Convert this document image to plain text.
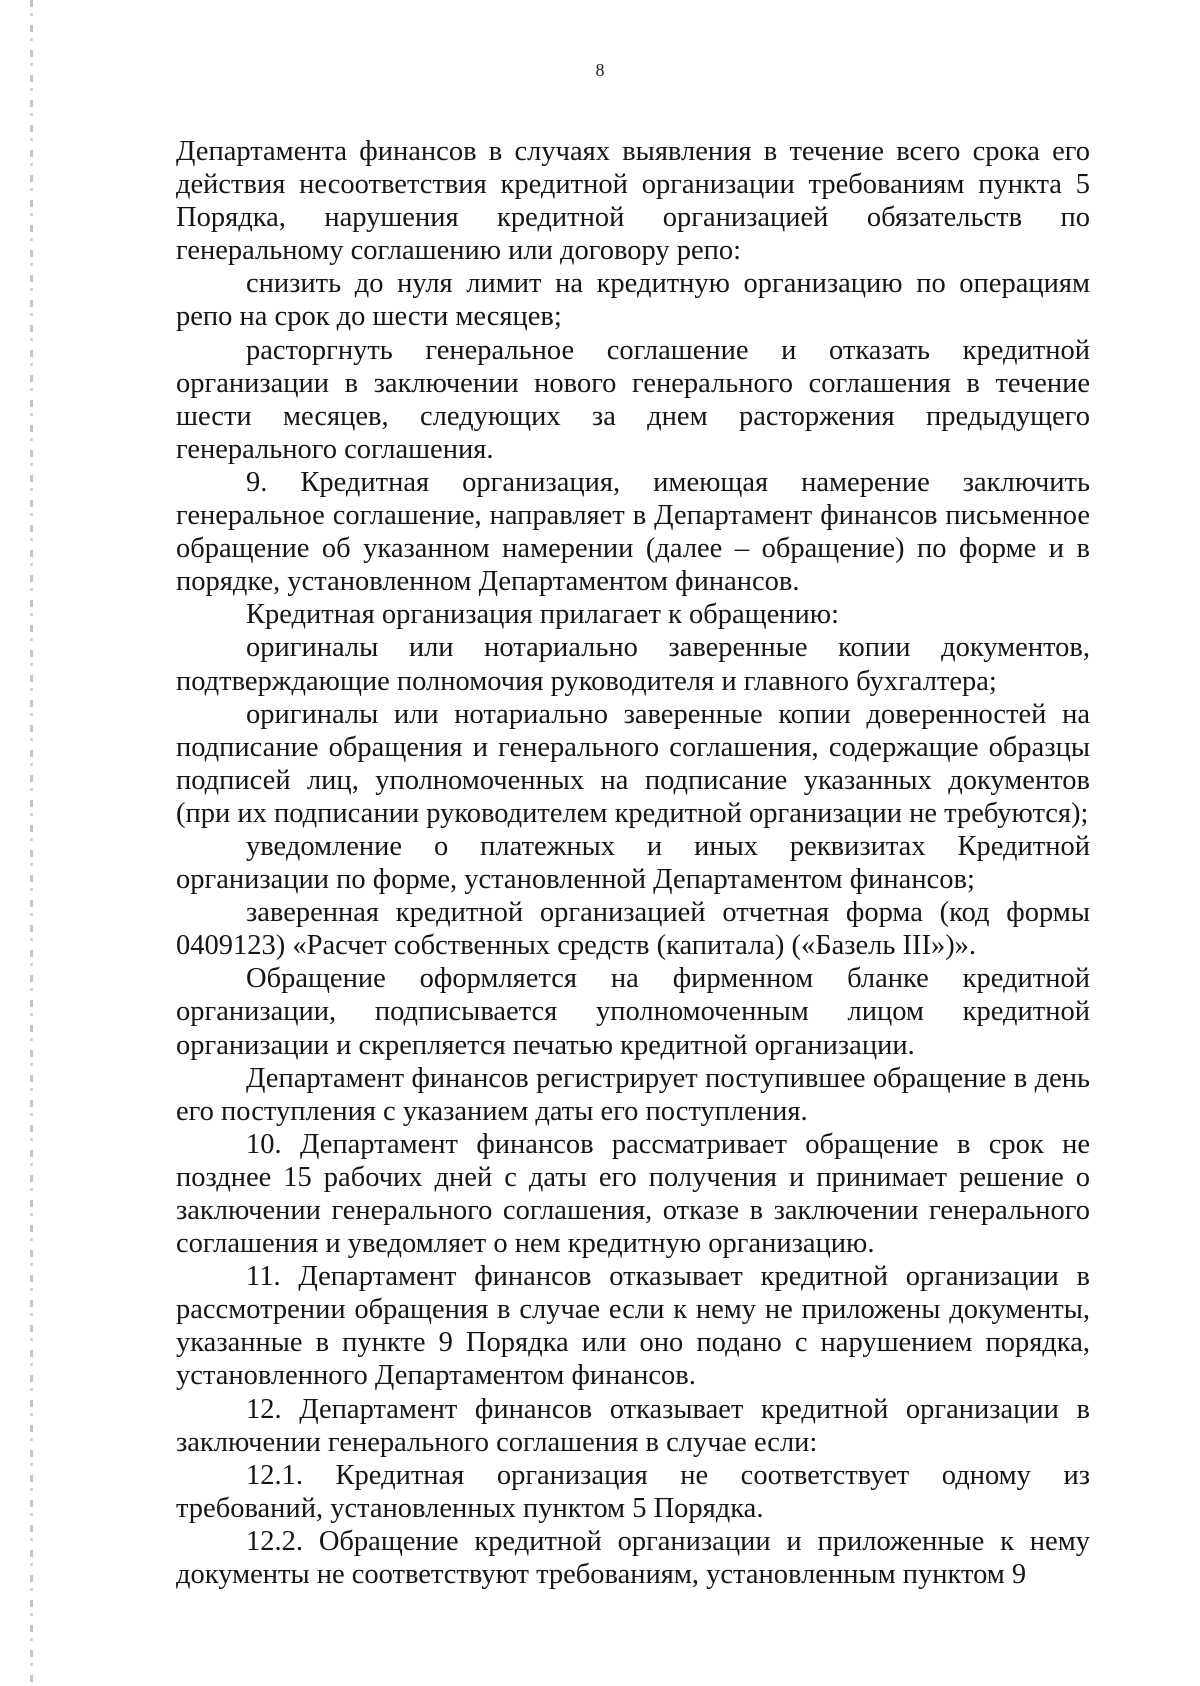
8

Департамента финансов в случаях выявления в течение всего срока его действия несоответствия кредитной организации требованиям пункта 5 Порядка, нарушения кредитной организацией обязательств по генеральному соглашению или договору репо:

снизить до нуля лимит на кредитную организацию по операциям репо на срок до шести месяцев;

расторгнуть генеральное соглашение и отказать кредитной организации в заключении нового генерального соглашения в течение шести месяцев, следующих за днем расторжения предыдущего генерального соглашения.

9. Кредитная организация, имеющая намерение заключить генеральное соглашение, направляет в Департамент финансов письменное обращение об указанном намерении (далее – обращение) по форме и в порядке, установленном Департаментом финансов.

Кредитная организация прилагает к обращению:

оригиналы или нотариально заверенные копии документов, подтверждающие полномочия руководителя и главного бухгалтера;

оригиналы или нотариально заверенные копии доверенностей на подписание обращения и генерального соглашения, содержащие образцы подписей лиц, уполномоченных на подписание указанных документов (при их подписании руководителем кредитной организации не требуются);

уведомление о платежных и иных реквизитах Кредитной организации по форме, установленной Департаментом финансов;

заверенная кредитной организацией отчетная форма (код формы 0409123) «Расчет собственных средств (капитала) («Базель III»)».

Обращение оформляется на фирменном бланке кредитной организации, подписывается уполномоченным лицом кредитной организации и скрепляется печатью кредитной организации.

Департамент финансов регистрирует поступившее обращение в день его поступления с указанием даты его поступления.

10. Департамент финансов рассматривает обращение в срок не позднее 15 рабочих дней с даты его получения и принимает решение о заключении генерального соглашения, отказе в заключении генерального соглашения и уведомляет о нем кредитную организацию.

11. Департамент финансов отказывает кредитной организации в рассмотрении обращения в случае если к нему не приложены документы, указанные в пункте 9 Порядка или оно подано с нарушением порядка, установленного Департаментом финансов.

12. Департамент финансов отказывает кредитной организации в заключении генерального соглашения в случае если:

12.1. Кредитная организация не соответствует одному из требований, установленных пунктом 5 Порядка.

12.2. Обращение кредитной организации и приложенные к нему документы не соответствуют требованиям, установленным пунктом 9
